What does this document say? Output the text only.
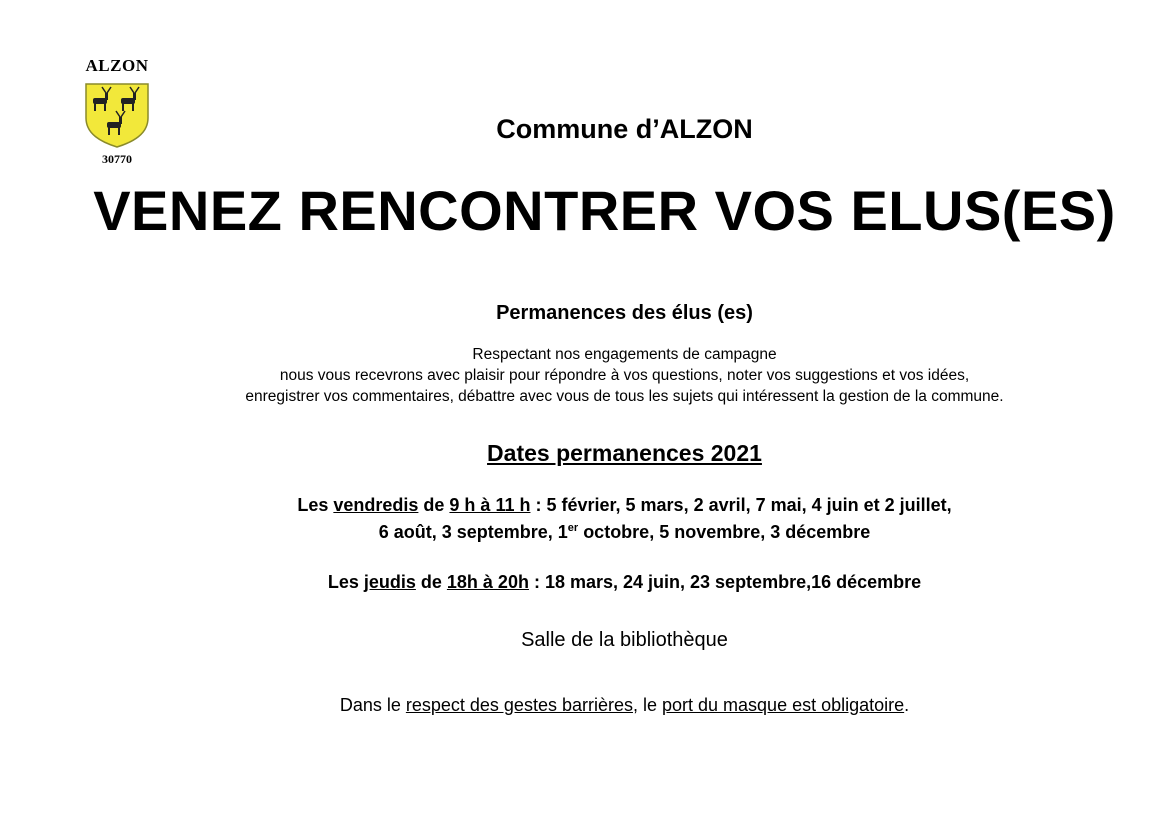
ALZON
30770
Commune d’ALZON
VENEZ RENCONTRER VOS ELUS(ES)
Permanences des élus (es)
Respectant nos engagements de campagne
nous vous recevrons avec plaisir pour répondre à vos questions, noter vos suggestions et vos idées,
enregistrer vos commentaires, débattre avec vous de tous les sujets qui intéressent la gestion de la commune.
Dates permanences 2021
Les vendredis de 9 h à 11 h : 5 février, 5 mars, 2 avril, 7 mai, 4 juin et 2 juillet,
6 août, 3 septembre, 1er octobre, 5 novembre, 3 décembre
Les jeudis de 18h à 20h : 18 mars, 24 juin, 23 septembre,16 décembre
Salle de la bibliothèque
Dans le respect des gestes barrières, le port du masque est obligatoire.
